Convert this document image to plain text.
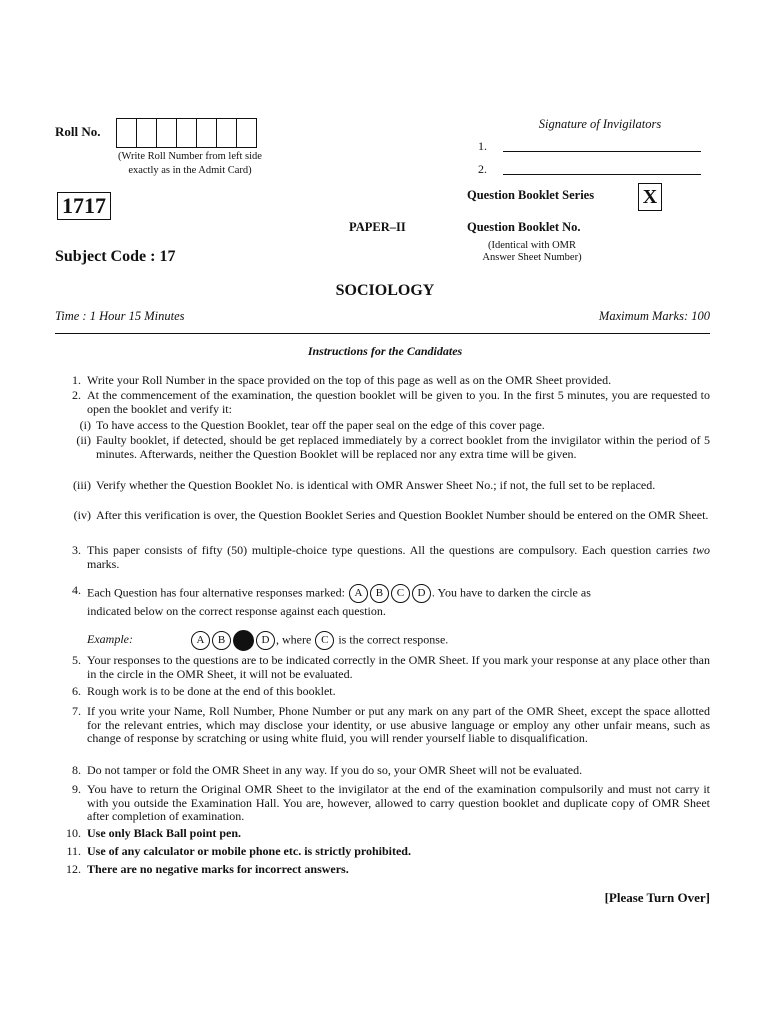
Roll No.
(Write Roll Number from left side
exactly as in the Admit Card)
1717
Subject Code : 17
Signature of Invigilators
1.
2.
Question Booklet Series X
PAPER–II	Question Booklet No.
(Identical with OMR
Answer Sheet Number)
SOCIOLOGY
Time : 1 Hour 15 Minutes	Maximum Marks: 100
Instructions for the Candidates
1. Write your Roll Number in the space provided on the top of this page as well as on the OMR Sheet provided.
2. At the commencement of the examination, the question booklet will be given to you. In the first 5 minutes, you are requested to open the booklet and verify it:
(i) To have access to the Question Booklet, tear off the paper seal on the edge of this cover page.
(ii) Faulty booklet, if detected, should be get replaced immediately by a correct booklet from the invigilator within the period of 5 minutes. Afterwards, neither the Question Booklet will be replaced nor any extra time will be given.
(iii) Verify whether the Question Booklet No. is identical with OMR Answer Sheet No.; if not, the full set to be replaced.
(iv) After this verification is over, the Question Booklet Series and Question Booklet Number should be entered on the OMR Sheet.
3. This paper consists of fifty (50) multiple-choice type questions. All the questions are compulsory. Each question carries two marks.
4. Each Question has four alternative responses marked: A B C D . You have to darken the circle as
indicated below on the correct response against each question.
Example:	A B	D , where C is the correct response.
5. Your responses to the questions are to be indicated correctly in the OMR Sheet. If you mark your response at any place other than in the circle in the OMR Sheet, it will not be evaluated.
6. Rough work is to be done at the end of this booklet.
7. If you write your Name, Roll Number, Phone Number or put any mark on any part of the OMR Sheet, except the space allotted for the relevant entries, which may disclose your identity, or use abusive language or employ any other unfair means, such as change of response by scratching or using white fluid, you will render yourself liable to disqualification.
8. Do not tamper or fold the OMR Sheet in any way. If you do so, your OMR Sheet will not be evaluated.
9. You have to return the Original OMR Sheet to the invigilator at the end of the examination compulsorily and must not carry it with you outside the Examination Hall. You are, however, allowed to carry question booklet and duplicate copy of OMR Sheet after completion of examination.
10. Use only Black Ball point pen.
11. Use of any calculator or mobile phone etc. is strictly prohibited.
12. There are no negative marks for incorrect answers.
[Please Turn Over]
